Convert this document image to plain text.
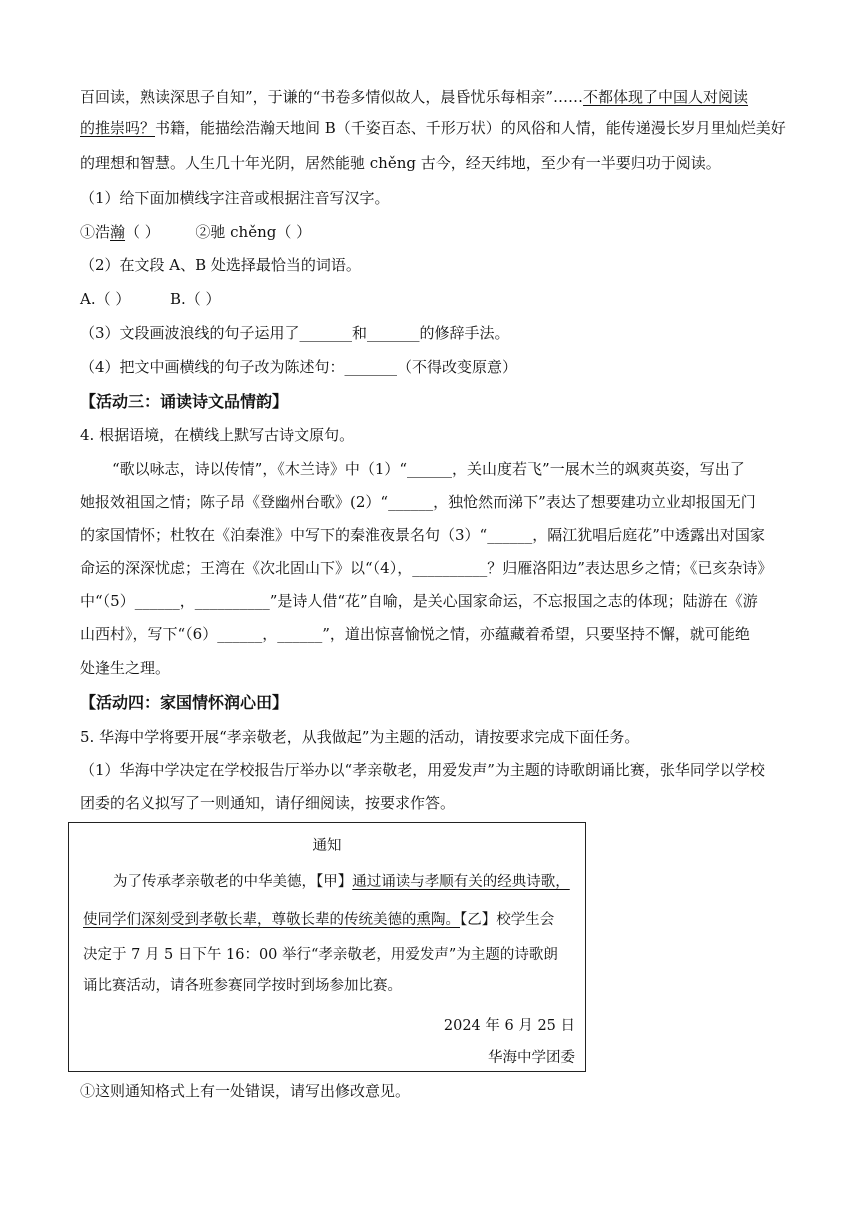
百回读，熟读深思子自知”，于谦的“书卷多情似故人，晨昏忧乐每相亲”……不都体现了中国人对阅读
的推崇吗？书籍，能描绘浩瀚天地间 B（千姿百态、千形万状）的风俗和人情，能传递漫长岁月里灿烂美好
的理想和智慧。人生几十年光阴，居然能驰 chěng 古今，经天纬地，至少有一半要归功于阅读。
（1）给下面加横线字注音或根据注音写汉字。
①浩瀚（ ） ②驰 chěng（ ）
（2）在文段 A、B 处选择最恰当的词语。
A.（ ）	B.（ ）
（3）文段画波浪线的句子运用了_______和_______的修辞手法。
（4）把文中画横线的句子改为陈述句：_______（不得改变原意）
【活动三：诵读诗文品情韵】
4. 根据语境，在横线上默写古诗文原句。
“歌以咏志，诗以传情”，《木兰诗》中（1）“______，关山度若飞”一展木兰的飒爽英姿，写出了
她报效祖国之情；陈子昂《登幽州台歌》(2）“______，独怆然而涕下”表达了想要建功立业却报国无门
的家国情怀；杜牧在《泊秦淮》中写下的秦淮夜景名句（3）“______，隔江犹唱后庭花”中透露出对国家
命运的深深忧虑；王湾在《次北固山下》以“（4），__________？归雁洛阳边”表达思乡之情；《已亥杂诗》
中“（5）______，__________”是诗人借“花”自喻，是关心国家命运，不忘报国之志的体现；陆游在《游
山西村》，写下“（6）______，______”，道出惊喜愉悦之情，亦蕴藏着希望，只要坚持不懈，就可能绝
处逢生之理。
【活动四：家国情怀润心田】
5. 华海中学将要开展“孝亲敬老，从我做起”为主题的活动，请按要求完成下面任务。
（1）华海中学决定在学校报告厅举办以“孝亲敬老，用爱发声”为主题的诗歌朗诵比赛，张华同学以学校
团委的名义拟写了一则通知，请仔细阅读，按要求作答。
通知
为了传承孝亲敬老的中华美德，【甲】通过诵读与孝顺有关的经典诗歌，
使同学们深刻受到孝敬长辈，尊敬长辈的传统美德的熏陶。【乙】校学生会
决定于 7 月 5 日下午 16：00 举行“孝亲敬老，用爱发声”为主题的诗歌朗
诵比赛活动，请各班参赛同学按时到场参加比赛。
2024 年 6 月 25 日
华海中学团委
①这则通知格式上有一处错误，请写出修改意见。
